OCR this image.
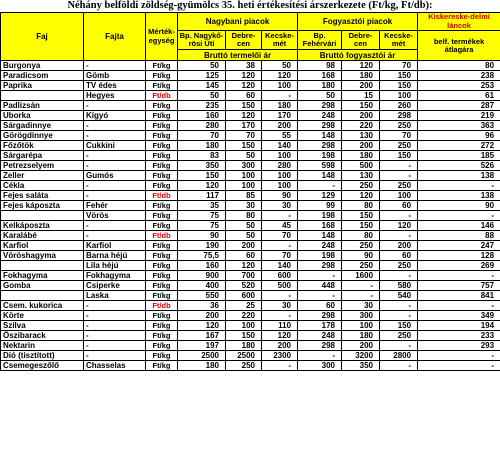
Néhány belföldi zöldség-gyümölcs 35. heti értékesítési árszerkezete (Ft/kg, Ft/db):
Faj	Fajta	Mérték-egység	Nagybani piacok			Fogyasztói piacok			Kiskereske-delmi láncok
			Bp. Nagykő-rösi Úti	Debre-cen	Kecske-mét	Bp. Fehérvári	Debre-cen	Kecske-mét	belf. termékek átlagára
			Bruttó termelői ár			Bruttó fogyasztói ár			
Burgonya	-	Ft/kg	50	38	50	98	120	70	80
Paradicsom	Gömb	Ft/kg	125	120	120	168	180	150	238
Paprika	TV édes	Ft/kg	145	120	100	180	200	150	253
	Hegyes	Ft/db	50	60	-	50	15	100	61
Padlizsán	-	Ft/kg	235	150	180	298	150	260	287
Uborka	Kígyó	Ft/kg	160	120	170	248	200	298	219
Sárgadinnye	-	Ft/kg	280	170	200	298	220	250	363
Görögdinnye	-	Ft/kg	70	70	55	148	130	70	96
Főzőtök	Cukkini	Ft/kg	180	150	140	298	200	250	272
Sárgarépa	-	Ft/kg	83	50	100	198	180	150	185
Petrezselyem	-	Ft/kg	350	300	280	598	500	-	526
Zeller	Gumós	Ft/kg	150	100	100	148	130	-	138
Cékla	-	Ft/kg	120	100	100	-	250	250	-
Fejes saláta	-	Ft/db	117	85	90	129	120	100	138
Fejes káposzta	Fehér	Ft/kg	35	30	30	99	80	60	90
	Vörös	Ft/kg	75	80	-	198	150	-	-
Kelkáposzta	-	Ft/kg	75	50	45	168	150	120	146
Karalábé	-	Ft/db	90	50	70	148	80	-	88
Karfiol	Karfiol	Ft/kg	190	200	-	248	250	200	247
Vöröshagyma	Barna héjú	Ft/kg	75,5	60	70	198	90	60	128
	Lila héjú	Ft/kg	160	120	140	298	250	250	269
Fokhagyma	Fokhagyma	Ft/kg	900	700	600	-	1600	-	-
Gomba	Csiperke	Ft/kg	400	520	500	448	-	580	757
	Laska	Ft/kg	550	600	-	-	-	540	841
Csem. kukorica	-	Ft/db	36	25	30	60	30	-	-
Körte	-	Ft/kg	200	220	-	298	300	-	349
Szilva	-	Ft/kg	120	100	110	178	100	150	194
Őszibarack	-	Ft/kg	167	150	120	248	180	250	233
Nektarin	-	Ft/kg	197	180	200	298	200	-	293
Dió (tisztított)	-	Ft/kg	2500	2500	2300	-	3200	2800	-
Csemegeszőlő	Chasselas	Ft/kg	180	250	-	300	350	-	-
